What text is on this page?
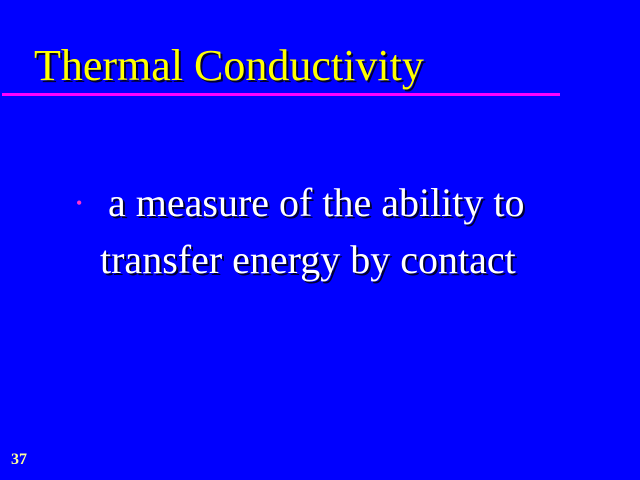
Thermal Conductivity
• a measure of the ability to transfer energy by contact

37
